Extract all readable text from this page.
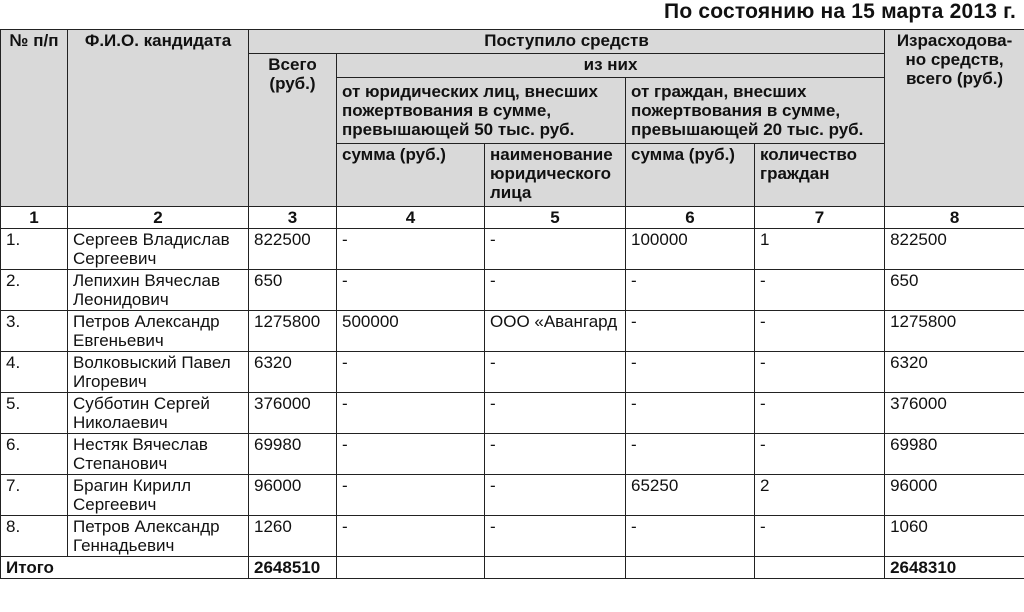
По состоянию на 15 марта 2013 г.
№ п/п	Ф.И.О. кандидата	Поступило средств					Израсходова-но средств, всего (руб.)
		Всего (руб.)	из них				
			от юридических лиц, внесших пожертвования в сумме, превышающей 50 тыс. руб.		от граждан, внесших пожертвования в сумме, превышающей 20 тыс. руб.		
			сумма (руб.)	наименование юридического лица	сумма (руб.)	количество граждан	
1	2	3	4	5	6	7	8
1.	Сергеев Владислав Сергеевич	822500	-	-	100000	1	822500
2.	Лепихин Вячеслав Леонидович	650	-	-	-	-	650
3.	Петров Александр Евгеньевич	1275800	500000	ООО «Авангард	-	-	1275800
4.	Волковыский Павел Игоревич	6320	-	-	-	-	6320
5.	Субботин Сергей Николаевич	376000	-	-	-	-	376000
6.	Нестяк Вячеслав Степанович	69980	-	-	-	-	69980
7.	Брагин Кирилл Сергеевич	96000	-	-	65250	2	96000
8.	Петров Александр Геннадьевич	1260	-	-	-	-	1060
Итого		2648510					2648310
